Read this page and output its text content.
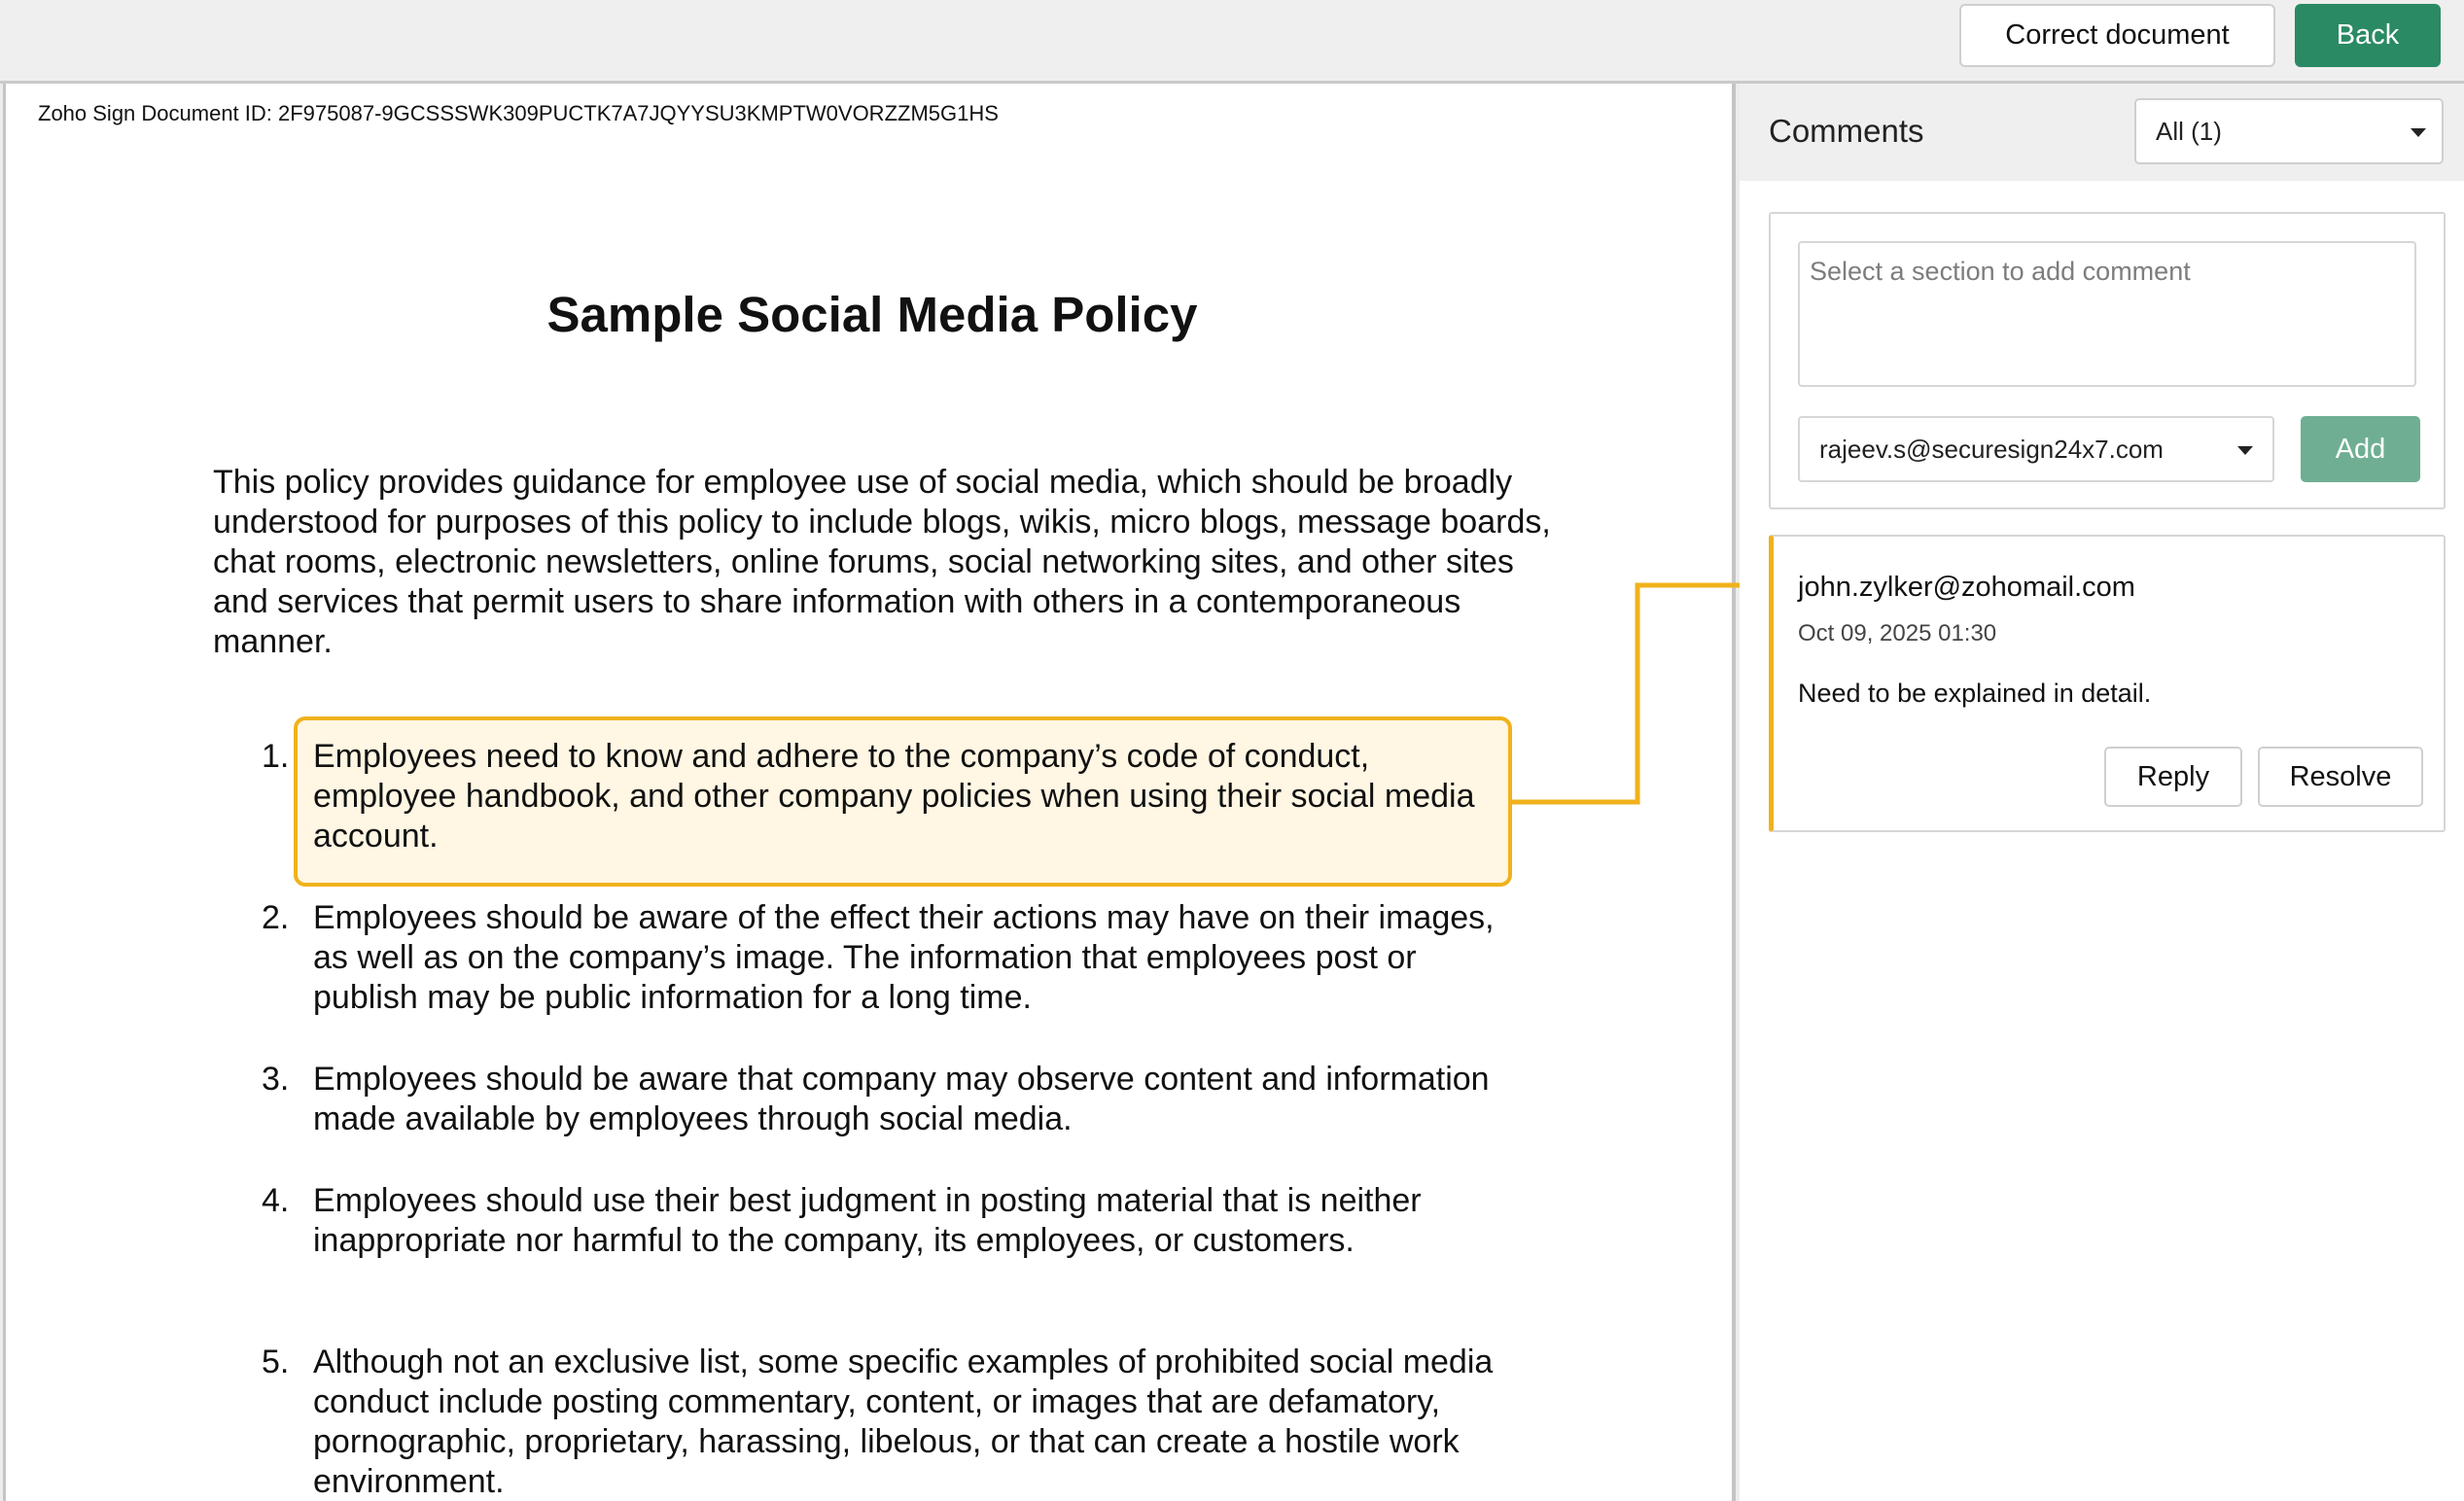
Correct document	Back
Zoho Sign Document ID: 2F975087-9GCSSSWK309PUCTK7A7JQYYSU3KMPTW0VORZZM5G1HS
Sample Social Media Policy
This policy provides guidance for employee use of social media, which should be broadly understood for purposes of this policy to include blogs, wikis, micro blogs, message boards, chat rooms, electronic newsletters, online forums, social networking sites, and other sites and services that permit users to share information with others in a contemporaneous manner.
1. Employees need to know and adhere to the company’s code of conduct, employee handbook, and other company policies when using their social media account.
2. Employees should be aware of the effect their actions may have on their images, as well as on the company’s image. The information that employees post or publish may be public information for a long time.
3. Employees should be aware that company may observe content and information made available by employees through social media.
4. Employees should use their best judgment in posting material that is neither inappropriate nor harmful to the company, its employees, or customers.
5. Although not an exclusive list, some specific examples of prohibited social media conduct include posting commentary, content, or images that are defamatory, pornographic, proprietary, harassing, libelous, or that can create a hostile work environment.
Comments	All (1)
Select a section to add comment
rajeev.s@securesign24x7.com	Add
john.zylker@zohomail.com
Oct 09, 2025 01:30
Need to be explained in detail.
Reply	Resolve
